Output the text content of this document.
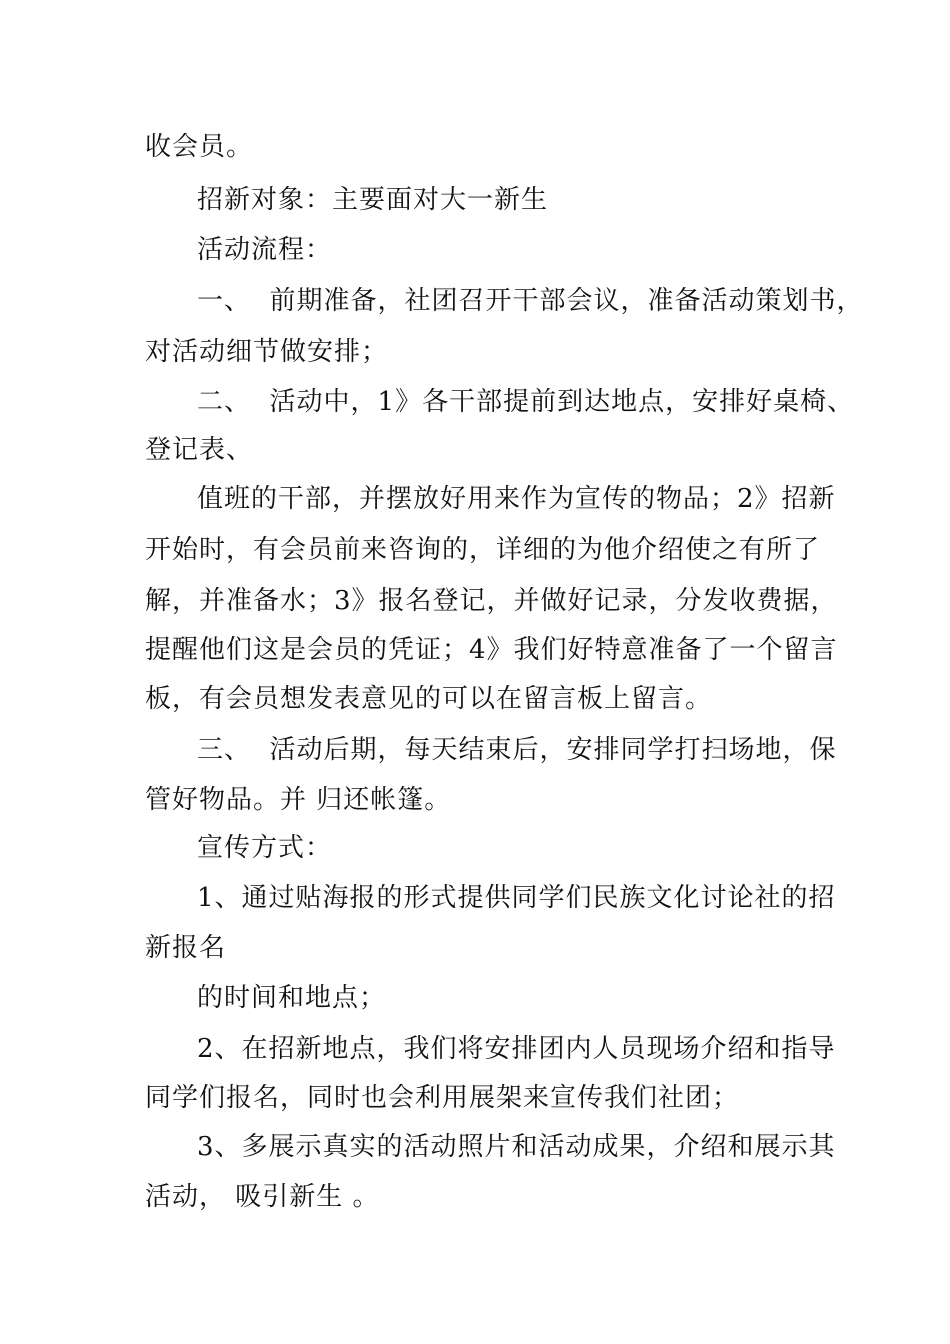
收会员。
招新对象：主要面对大一新生
活动流程：
一、  前期准备，社团召开干部会议，准备活动策划书，
对活动细节做安排；
二、  活动中，1》各干部提前到达地点，安排好桌椅、
登记表、
值班的干部，并摆放好用来作为宣传的物品；2》招新
开始时，有会员前来咨询的，详细的为他介绍使之有所了
解，并准备水；3》报名登记，并做好记录，分发收费据，
提醒他们这是会员的凭证；4》我们好特意准备了一个留言
板，有会员想发表意见的可以在留言板上留言。
三、  活动后期，每天结束后，安排同学打扫场地，保
管好物品。并 归还帐篷。
宣传方式：
1、通过贴海报的形式提供同学们民族文化讨论社的招
新报名
的时间和地点；
2、在招新地点，我们将安排团内人员现场介绍和指导
同学们报名，同时也会利用展架来宣传我们社团；
3、多展示真实的活动照片和活动成果，介绍和展示其
活动， 吸引新生 。
